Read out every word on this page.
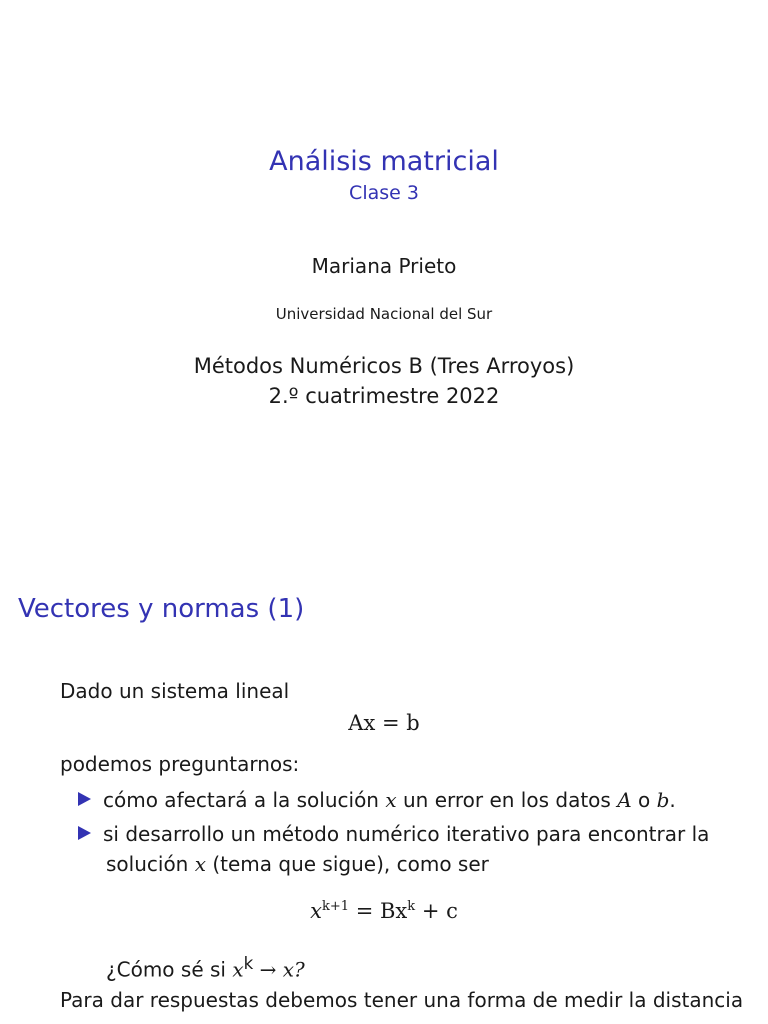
Análisis matricial
Clase 3
Mariana Prieto
Universidad Nacional del Sur
Métodos Numéricos B (Tres Arroyos)
2.º cuatrimestre 2022
Vectores y normas (1)
Dado un sistema lineal
Ax = b
podemos preguntarnos:
cómo afectará a la solución x un error en los datos A o b.
si desarrollo un método numérico iterativo para encontrar la
solución x (tema que sigue), como ser
$x^{k+1} = Bx^k + c$
¿Cómo sé si $x^k \to x$?
Para dar respuestas debemos tener una forma de medir la distancia
